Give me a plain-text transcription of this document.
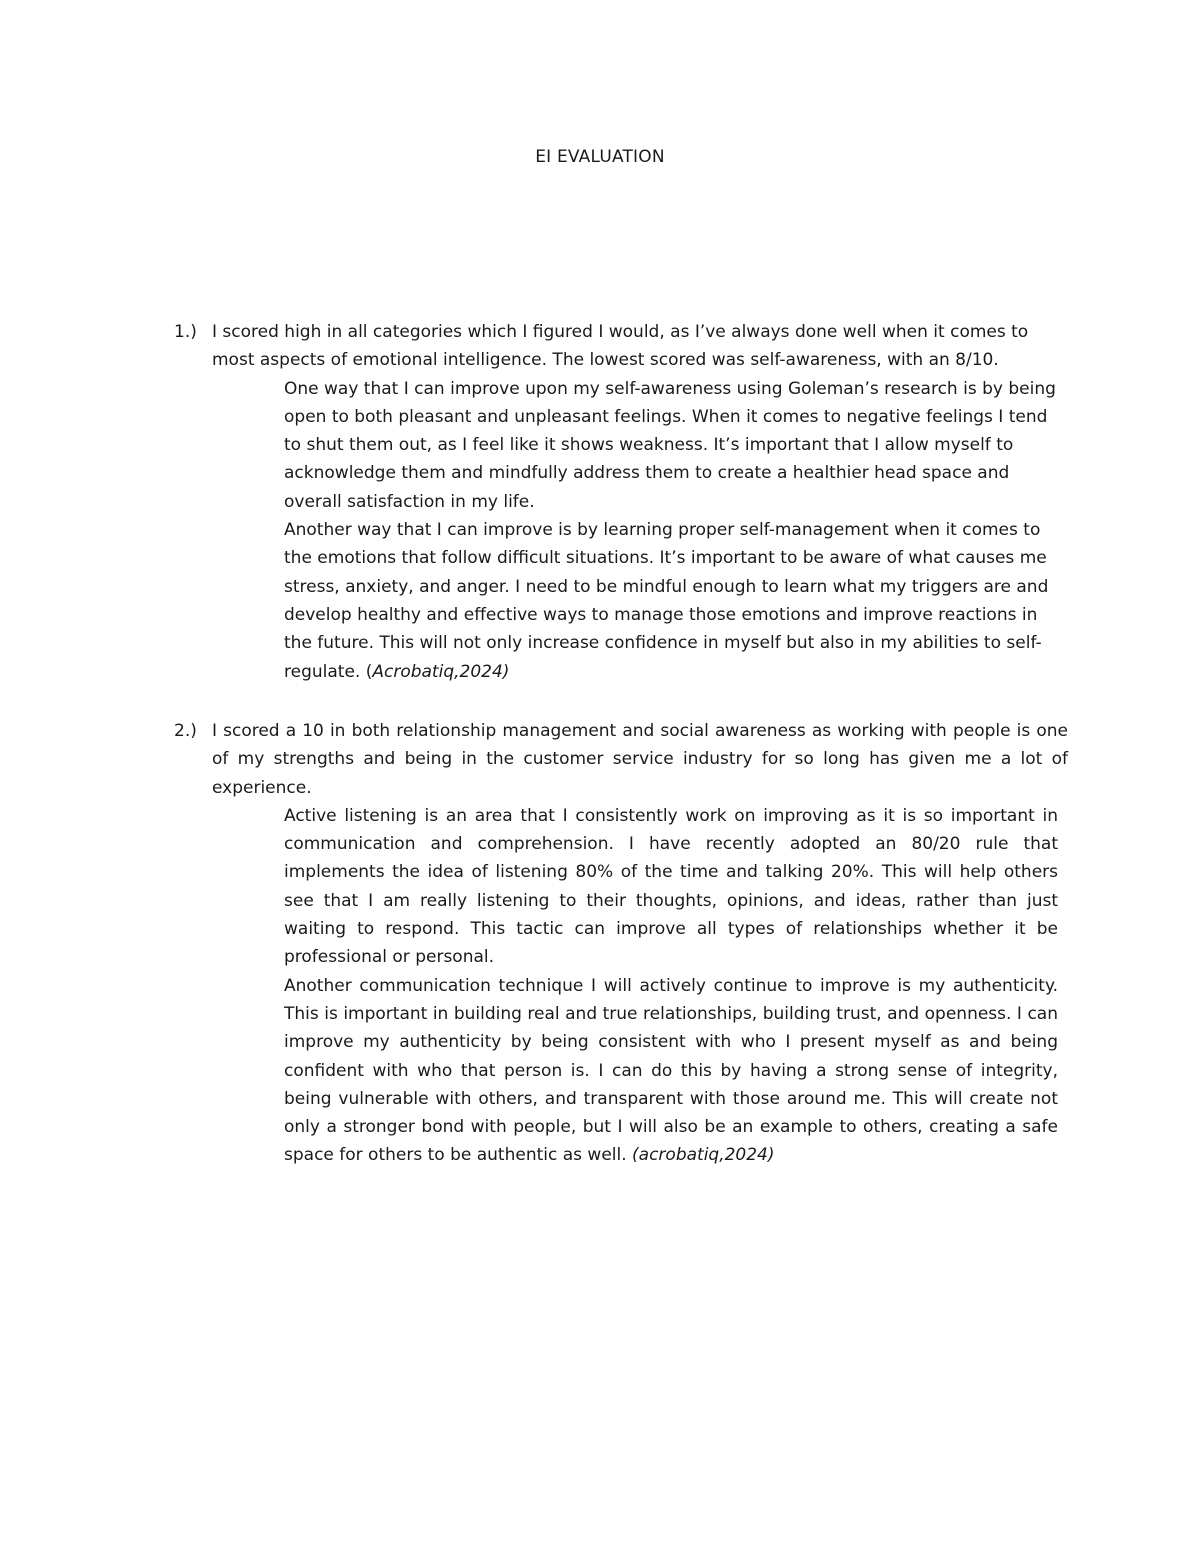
EI EVALUATION
1.) I scored high in all categories which I figured I would, as I’ve always done well when it comes to most aspects of emotional intelligence. The lowest scored was self-awareness, with an 8/10.

One way that I can improve upon my self-awareness using Goleman’s research is by being open to both pleasant and unpleasant feelings. When it comes to negative feelings I tend to shut them out, as I feel like it shows weakness. It’s important that I allow myself to acknowledge them and mindfully address them to create a healthier head space and overall satisfaction in my life.

Another way that I can improve is by learning proper self-management when it comes to the emotions that follow difficult situations. It’s important to be aware of what causes me stress, anxiety, and anger. I need to be mindful enough to learn what my triggers are and develop healthy and effective ways to manage those emotions and improve reactions in the future. This will not only increase confidence in myself but also in my abilities to self-regulate. (Acrobatiq,2024)

2.) I scored a 10 in both relationship management and social awareness as working with people is one of my strengths and being in the customer service industry for so long has given me a lot of experience.

Active listening is an area that I consistently work on improving as it is so important in communication and comprehension. I have recently adopted an 80/20 rule that implements the idea of listening 80% of the time and talking 20%. This will help others see that I am really listening to their thoughts, opinions, and ideas, rather than just waiting to respond. This tactic can improve all types of relationships whether it be professional or personal.

Another communication technique I will actively continue to improve is my authenticity. This is important in building real and true relationships, building trust, and openness. I can improve my authenticity by being consistent with who I present myself as and being confident with who that person is. I can do this by having a strong sense of integrity, being vulnerable with others, and transparent with those around me. This will create not only a stronger bond with people, but I will also be an example to others, creating a safe space for others to be authentic as well. (acrobatiq,2024)
